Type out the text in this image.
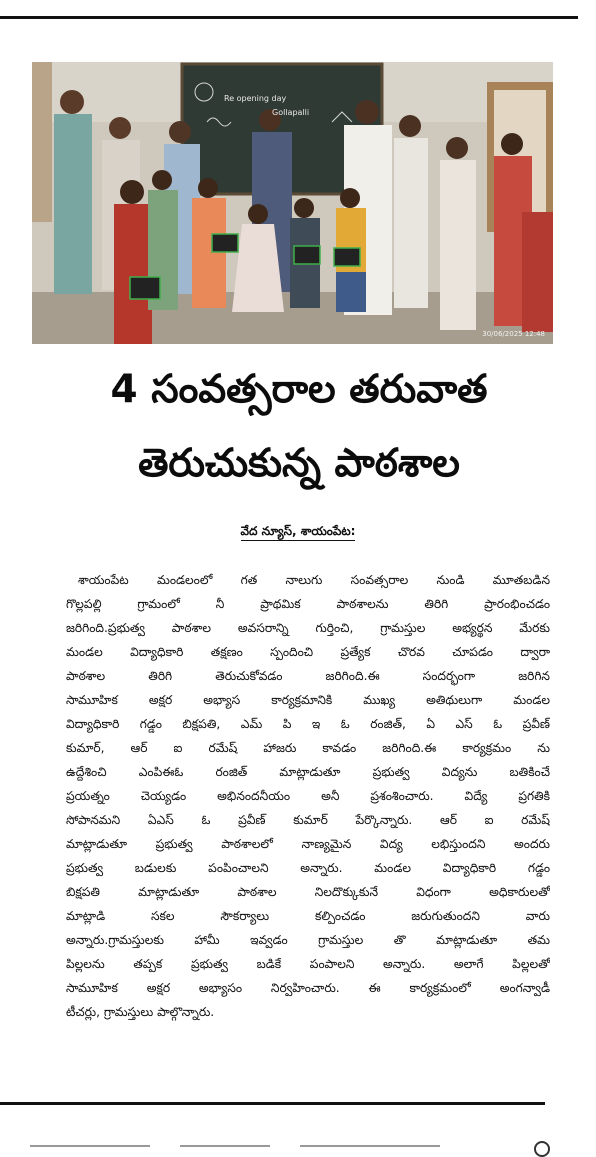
Re opening day
Gollapalli
30/06/2025 12:48
4 సంవత్సరాల తరువాత
తెరుచుకున్న పాఠశాల
వేద న్యూస్, శాయంపేట:
శాయంపేట మండలంలో గత నాలుగు సంవత్సరాల నుండి మూతబడిన
గొల్లపల్లి గ్రామంలో నీ ప్రాథమిక పాఠశాలను తిరిగి ప్రారంభించడం
జరిగింది.ప్రభుత్వ పాఠశాల అవసరాన్ని గుర్తించి, గ్రామస్తుల అభ్యర్థన మేరకు
మండల విద్యాధికారి తక్షణం స్పందించి ప్రత్యేక చొరవ చూపడం ద్వారా
పాఠశాల తిరిగి తెరుచుకోవడం జరిగింది.ఈ సందర్భంగా జరిగిన
సామూహిక అక్షర అభ్యాస కార్యక్రమానికి ముఖ్య అతిథులుగా మండల
విద్యాధికారి గడ్డం బిక్షపతి, ఎమ్ పి ఇ ఓ రంజిత్, ఏ ఎస్ ఓ ప్రవీణ్
కుమార్, ఆర్ ఐ రమేష్ హాజరు కావడం జరిగింది.ఈ కార్యక్రమం ను
ఉద్దేశించి ఎంపిఈఓ రంజిత్ మాట్లాడుతూ ప్రభుత్వ విద్యను బతికించే
ప్రయత్నం చెయ్యడం అభినందనీయం అనీ ప్రశంశించారు. విద్యే ప్రగతికి
సోపానమని ఏఎస్ ఓ ప్రవీణ్ కుమార్ పేర్కొన్నారు. ఆర్ ఐ రమేష్
మాట్లాడుతూ ప్రభుత్వ పాఠశాలలో నాణ్యమైన విద్య లభిస్తుందని అందరు
ప్రభుత్వ బడులకు పంపించాలని అన్నారు. మండల విద్యాధికారి గడ్డం
బిక్షపతి మాట్లాడుతూ పాఠశాల నిలదొక్కుకునే విధంగా అధికారులతో
మాట్లాడి సకల సౌకర్యాలు కల్పించడం జరుగుతుందని వారు
అన్నారు.గ్రామస్తులకు హామీ ఇవ్వడం గ్రామస్తుల తొ మాట్లాడుతూ తమ
పిల్లలను తప్పక ప్రభుత్వ బడికే పంపాలని అన్నారు. అలాగే పిల్లలతో
సామూహిక అక్షర అభ్యాసం నిర్వహించారు. ఈ కార్యక్రమంలో అంగన్వాడీ
టీచర్లు, గ్రామస్తులు పాల్గొన్నారు.
